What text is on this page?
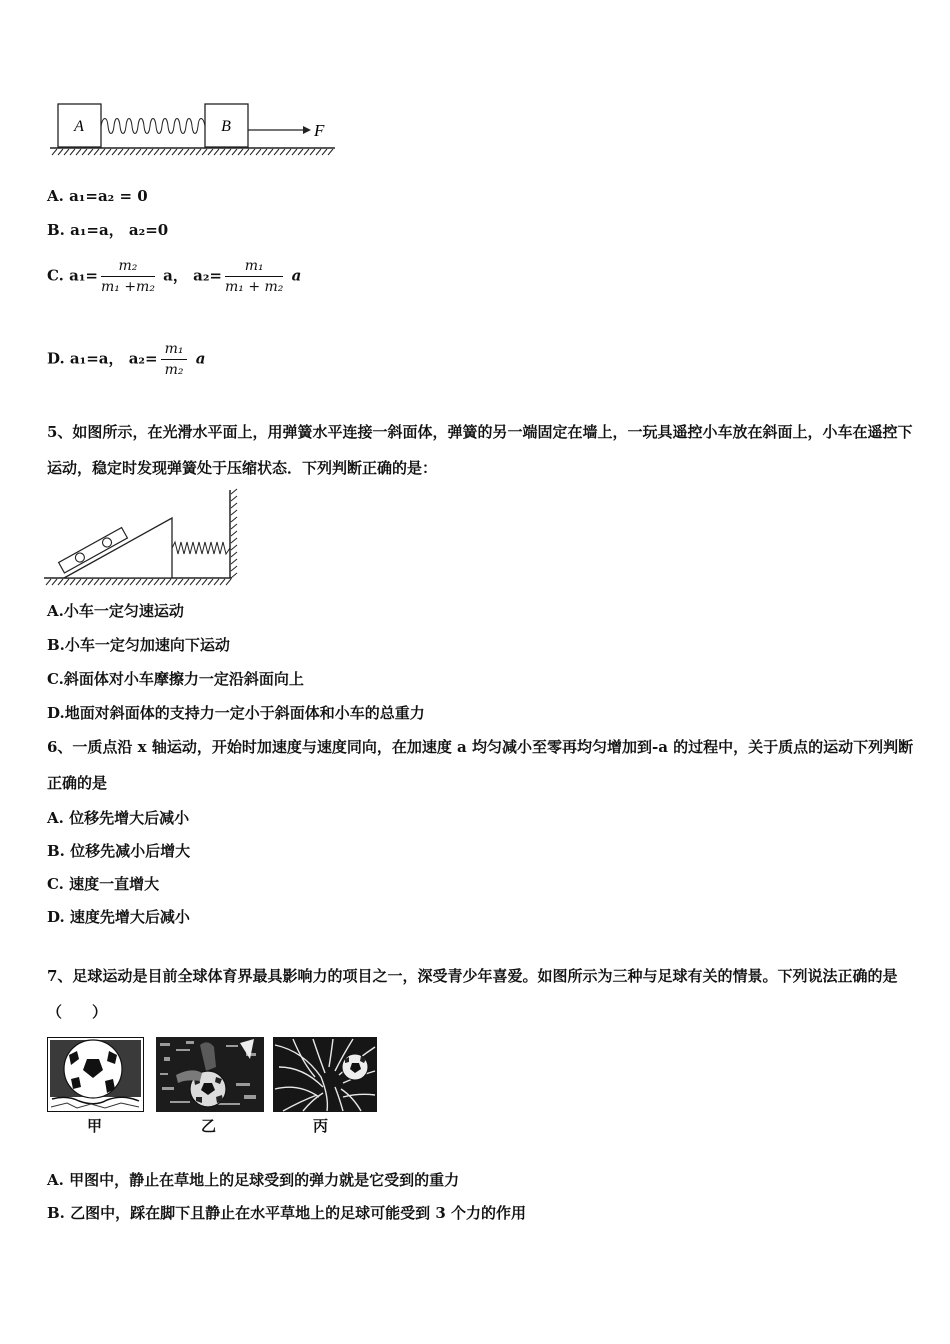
A	B	F
A. a₁=a₂ = 0
B. a₁=a， a₂=0
C. $a_1= \frac{\text{m₂}}{\text{m₁ +m₂}}$ a， $a_2= \frac{\text{m₁}}{\text{m₁ + m₂}}$ a
D. a₁=a， $a_2= \frac{\text{m₁}}{\text{m₂}}$ a
5、如图所示，在光滑水平面上，用弹簧水平连接一斜面体，弹簧的另一端固定在墙上，一玩具遥控小车放在斜面上，小车在遥控下运动，稳定时发现弹簧处于压缩状态．下列判断正确的是：
A.小车一定匀速运动
B.小车一定匀加速向下运动
C.斜面体对小车摩擦力一定沿斜面向上
D.地面对斜面体的支持力一定小于斜面体和小车的总重力
6、一质点沿 x 轴运动，开始时加速度与速度同向，在加速度 a 均匀减小至零再均匀增加到-a 的过程中，关于质点的运动下列判断正确的是
A. 位移先增大后减小
B. 位移先减小后增大
C. 速度一直增大
D. 速度先增大后减小
7、足球运动是目前全球体育界最具影响力的项目之一，深受青少年喜爱。如图所示为三种与足球有关的情景。下列说法正确的是（　　）
甲	乙	丙
A. 甲图中，静止在草地上的足球受到的弹力就是它受到的重力
B. 乙图中，踩在脚下且静止在水平草地上的足球可能受到 3 个力的作用
